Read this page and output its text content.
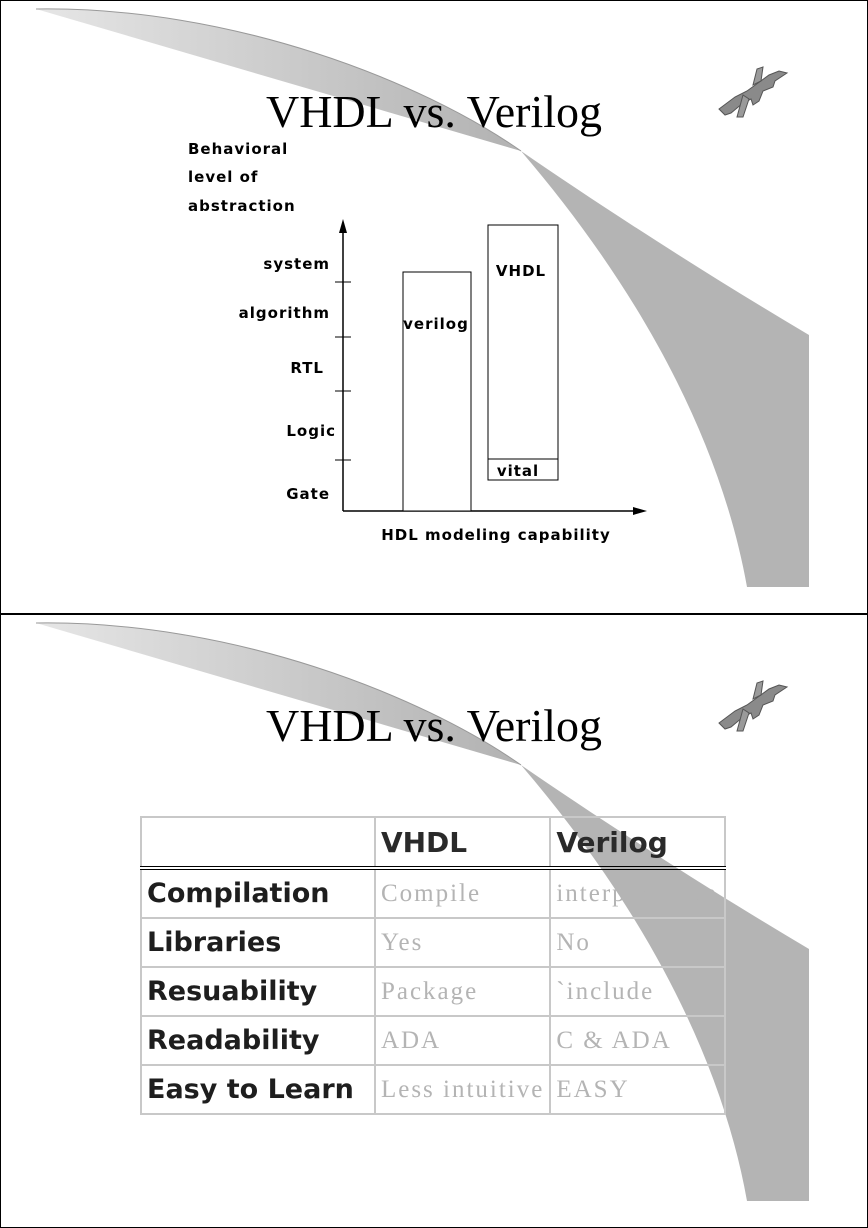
VHDL vs. Verilog
Behavioral
level of
abstraction
system
algorithm
RTL
Logic
Gate
verilog
VHDL
vital
HDL modeling capability
VHDL vs. Verilog
	VHDL	Verilog
Compilation	Compile	interpretative
Libraries	Yes	No
Resuability	Package	`include
Readability	ADA	C & ADA
Easy to Learn	Less intuitive	EASY
